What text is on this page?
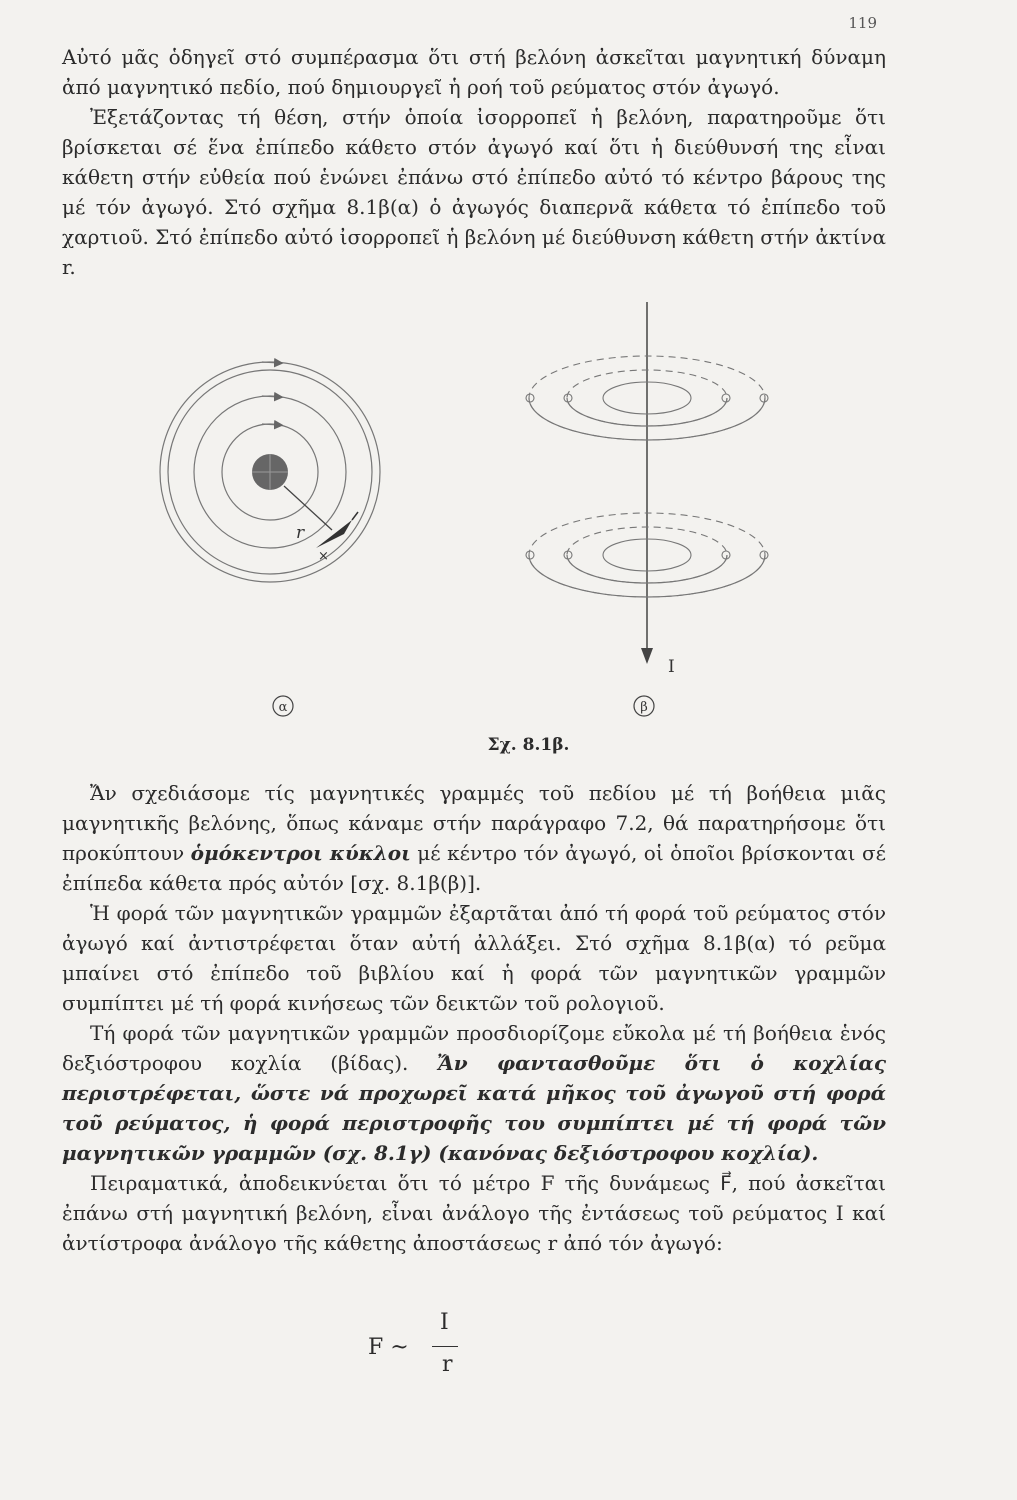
119

Αὐτό μᾶς ὁδηγεῖ στό συμπέρασμα ὅτι στή βελόνη ἀσκεῖται μαγνητική δύναμη ἀπό μαγνητικό πεδίο, πού δημιουργεῖ ἡ ροή τοῦ ρεύματος στόν ἀγωγό.

Ἐξετάζοντας τή θέση, στήν ὁποία ἰσορροπεῖ ἡ βελόνη, παρατηροῦμε ὅτι βρίσκεται σέ ἕνα ἐπίπεδο κάθετο στόν ἀγωγό καί ὅτι ἡ διεύθυνσή της εἶναι κάθετη στήν εὐθεία πού ἑνώνει ἐπάνω στό ἐπίπεδο αὐτό τό κέντρο βάρους της μέ τόν ἀγωγό. Στό σχῆμα 8.1β(α) ὁ ἀγωγός διαπερνᾶ κάθετα τό ἐπίπεδο τοῦ χαρτιοῦ. Στό ἐπίπεδο αὐτό ἰσορροπεῖ ἡ βελόνη μέ διεύθυνση κάθετη στήν ἀκτίνα r.

r
×
I
α	β
Σχ. 8.1β.

Ἄν σχεδιάσομε τίς μαγνητικές γραμμές τοῦ πεδίου μέ τή βοήθεια μιᾶς μαγνητικῆς βελόνης, ὅπως κάναμε στήν παράγραφο 7.2, θά παρατηρήσομε ὅτι προκύπτουν ὁμόκεντροι κύκλοι μέ κέντρο τόν ἀγωγό, οἱ ὁποῖοι βρίσκονται σέ ἐπίπεδα κάθετα πρός αὐτόν [σχ. 8.1β(β)].

Ἡ φορά τῶν μαγνητικῶν γραμμῶν ἐξαρτᾶται ἀπό τή φορά τοῦ ρεύματος στόν ἀγωγό καί ἀντιστρέφεται ὅταν αὐτή ἀλλάξει. Στό σχῆμα 8.1β(α) τό ρεῦμα μπαίνει στό ἐπίπεδο τοῦ βιβλίου καί ἡ φορά τῶν μαγνητικῶν γραμμῶν συμπίπτει μέ τή φορά κινήσεως τῶν δεικτῶν τοῦ ρολογιοῦ.

Τή φορά τῶν μαγνητικῶν γραμμῶν προσδιορίζομε εὔκολα μέ τή βοήθεια ἑνός δεξιόστροφου κοχλία (βίδας). Ἄν φαντασθοῦμε ὅτι ὁ κοχλίας περιστρέφεται, ὥστε νά προχωρεῖ κατά μῆκος τοῦ ἀγωγοῦ στή φορά τοῦ ρεύματος, ἡ φορά περιστροφῆς του συμπίπτει μέ τή φορά τῶν μαγνητικῶν γραμμῶν (σχ. 8.1γ) (κανόνας δεξιόστροφου κοχλία).

Πειραματικά, ἀποδεικνύεται ὅτι τό μέτρο F τῆς δυνάμεως F⃗, πού ἀσκεῖται ἐπάνω στή μαγνητική βελόνη, εἶναι ἀνάλογο τῆς ἐντάσεως τοῦ ρεύματος I καί ἀντίστροφα ἀνάλογο τῆς κάθετης ἀποστάσεως r ἀπό τόν ἀγωγό:

F ~
I
r
